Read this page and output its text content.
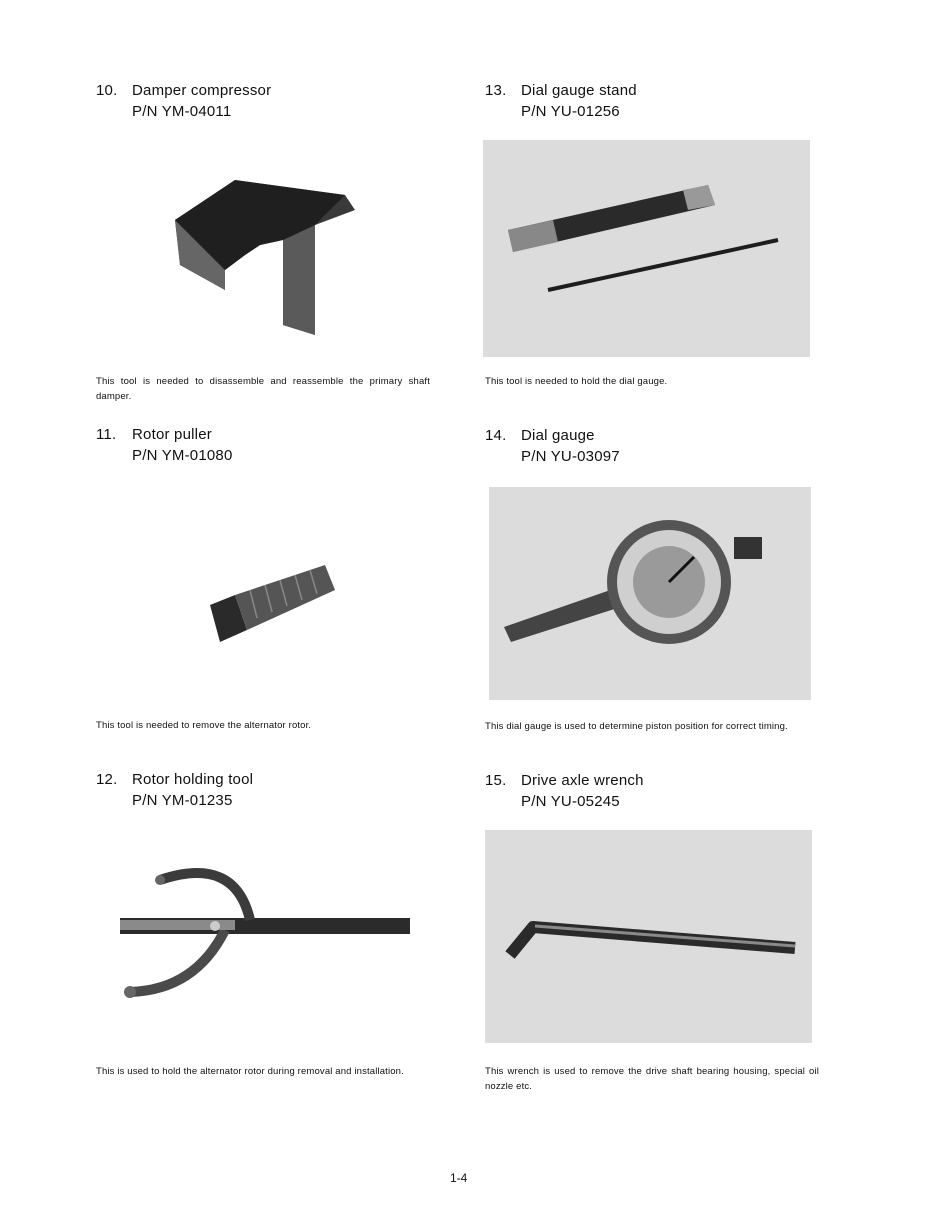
10. Damper compressor
P/N YM-04011
This tool is needed to disassemble and reassemble the primary shaft damper.
11. Rotor puller
P/N YM-01080
This tool is needed to remove the alternator rotor.
12. Rotor holding tool
P/N YM-01235
This is used to hold the alternator rotor during removal and installation.
13. Dial gauge stand
P/N YU-01256
This tool is needed to hold the dial gauge.
14. Dial gauge
P/N YU-03097
This dial gauge is used to determine piston position for correct timing.
15. Drive axle wrench
P/N YU-05245
This wrench is used to remove the drive shaft bearing housing, special oil nozzle etc.
1-4
